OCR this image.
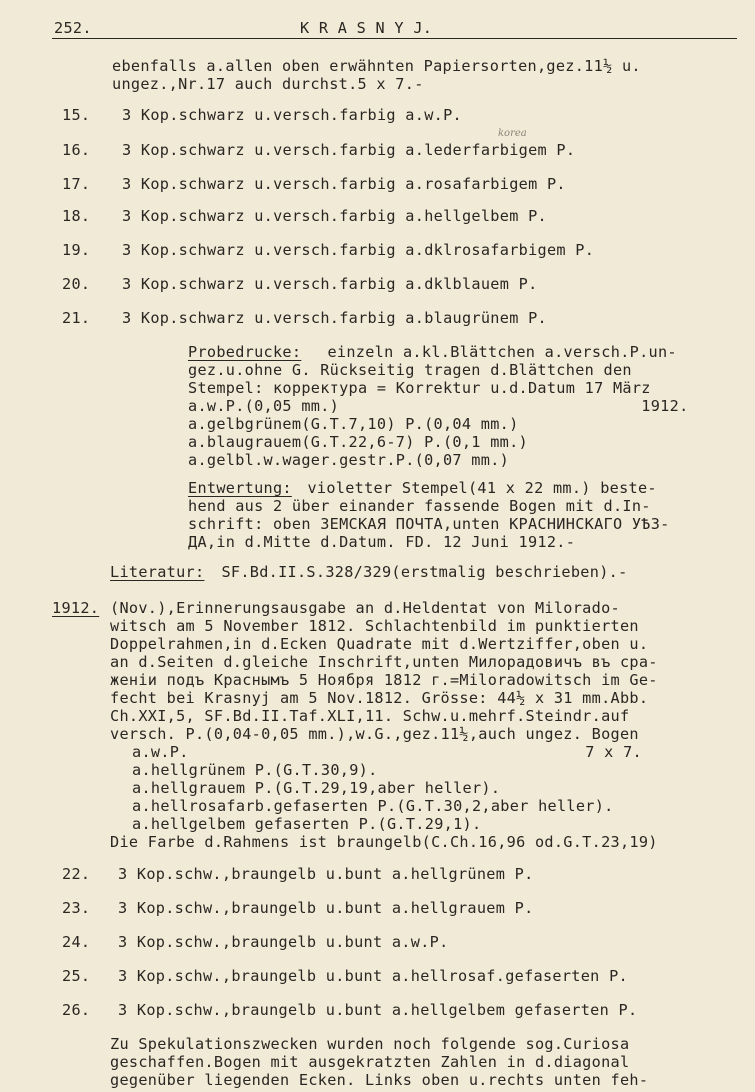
252.	K R A S N Y J.
ebenfalls a.allen oben erwähnten Papiersorten,gez.11½ u.
ungez.,Nr.17 auch durchst.5 x 7.-
15. 3 Kop.schwarz u.versch.farbig a.w.P.
korea
16. 3 Kop.schwarz u.versch.farbig a.lederfarbigem P.
17. 3 Kop.schwarz u.versch.farbig a.rosafarbigem P.
18. 3 Kop.schwarz u.versch.farbig a.hellgelbem P.
19. 3 Kop.schwarz u.versch.farbig a.dklrosafarbigem P.
20. 3 Kop.schwarz u.versch.farbig a.dklblauem P.
21. 3 Kop.schwarz u.versch.farbig a.blaugrünem P.
Probedrucke: einzeln a.kl.Blättchen a.versch.P.un-
gez.u.ohne G. Rückseitig tragen d.Blättchen den
Stempel: корректура = Korrektur u.d.Datum 17 März
a.w.P.(0,05 mm.)                                1912.
a.gelbgrünem(G.T.7,10) P.(0,04 mm.)
a.blaugrauem(G.T.22,6-7) P.(0,1 mm.)
a.gelbl.w.wager.gestr.P.(0,07 mm.)
Entwertung: violetter Stempel(41 x 22 mm.) beste-
hend aus 2 über einander fassende Bogen mit d.In-
schrift: oben ЗЕМСКАЯ ПОЧТА,unten КРАСНИНСКАГО УѢЗ-
ДА,in d.Mitte d.Datum. FD. 12 Juni 1912.-
Literatur: SF.Bd.II.S.328/329(erstmalig beschrieben).-
1912. (Nov.),Erinnerungsausgabe an d.Heldentat von Milorado-
witsch am 5 November 1812. Schlachtenbild im punktierten
Doppelrahmen,in d.Ecken Quadrate mit d.Wertziffer,oben u.
an d.Seiten d.gleiche Inschrift,unten Милорадовичъ въ сра-
женiи подъ Краснымъ 5 Ноября 1812 г.=Miloradowitsch im Ge-
fecht bei Krasnyj am 5 Nov.1812. Grösse: 44½ x 31 mm.Abb.
Ch.XXI,5, SF.Bd.II.Taf.XLI,11. Schw.u.mehrf.Steindr.auf
versch. P.(0,04-0,05 mm.),w.G.,gez.11½,auch ungez. Bogen
a.w.P.                                          7 x 7.
a.hellgrünem P.(G.T.30,9).
a.hellgrauem P.(G.T.29,19,aber heller).
a.hellrosafarb.gefaserten P.(G.T.30,2,aber heller).
a.hellgelbem gefaserten P.(G.T.29,1).
Die Farbe d.Rahmens ist braungelb(C.Ch.16,96 od.G.T.23,19)
22. 3 Kop.schw.,braungelb u.bunt a.hellgrünem P.
23. 3 Kop.schw.,braungelb u.bunt a.hellgrauem P.
24. 3 Kop.schw.,braungelb u.bunt a.w.P.
25. 3 Kop.schw.,braungelb u.bunt a.hellrosaf.gefaserten P.
26. 3 Kop.schw.,braungelb u.bunt a.hellgelbem gefaserten P.
Zu Spekulationszwecken wurden noch folgende sog.Curiosa
geschaffen.Bogen mit ausgekratzten Zahlen in d.diagonal
gegenüber liegenden Ecken. Links oben u.rechts unten feh-
